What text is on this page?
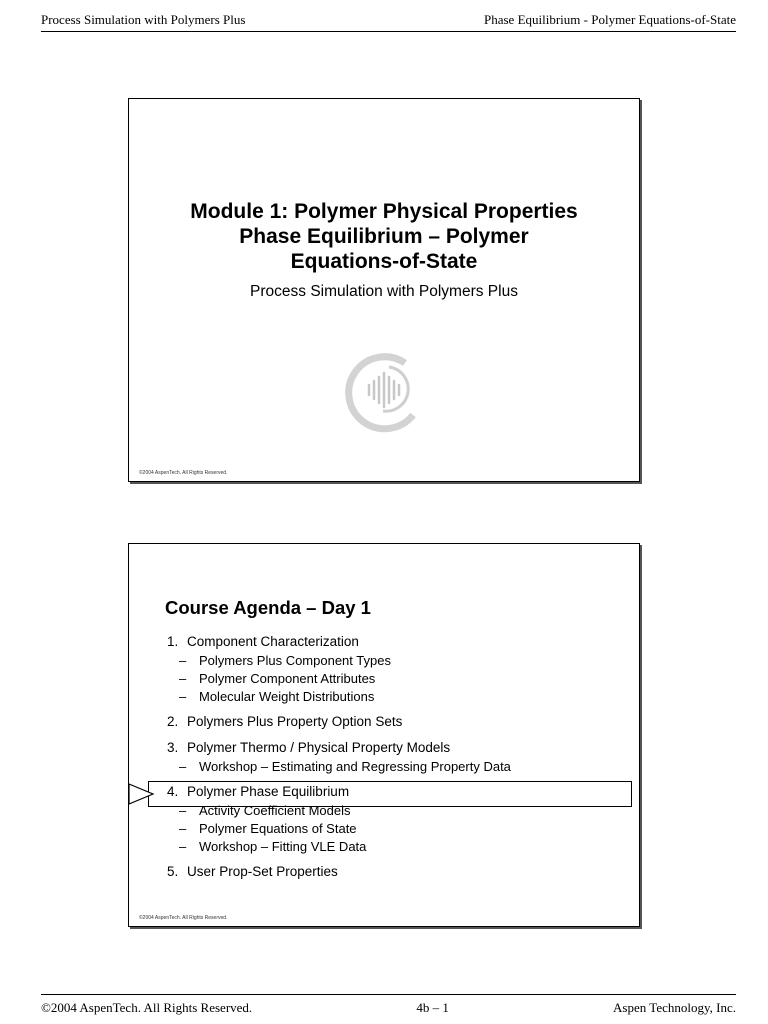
Process Simulation with Polymers Plus	Phase Equilibrium - Polymer Equations-of-State
Module 1: Polymer Physical Properties
Phase Equilibrium – Polymer
Equations-of-State
Process Simulation with Polymers Plus
©2004 AspenTech. All Rights Reserved.
Course Agenda – Day 1
1. Component Characterization
– Polymers Plus Component Types
– Polymer Component Attributes
– Molecular Weight Distributions
2. Polymers Plus Property Option Sets
3. Polymer Thermo / Physical Property Models
– Workshop – Estimating and Regressing Property Data
4. Polymer Phase Equilibrium
– Activity Coefficient Models
– Polymer Equations of State
– Workshop – Fitting VLE Data
5. User Prop-Set Properties
©2004 AspenTech. All Rights Reserved.
©2004 AspenTech. All Rights Reserved.	4b – 1	Aspen Technology, Inc.
